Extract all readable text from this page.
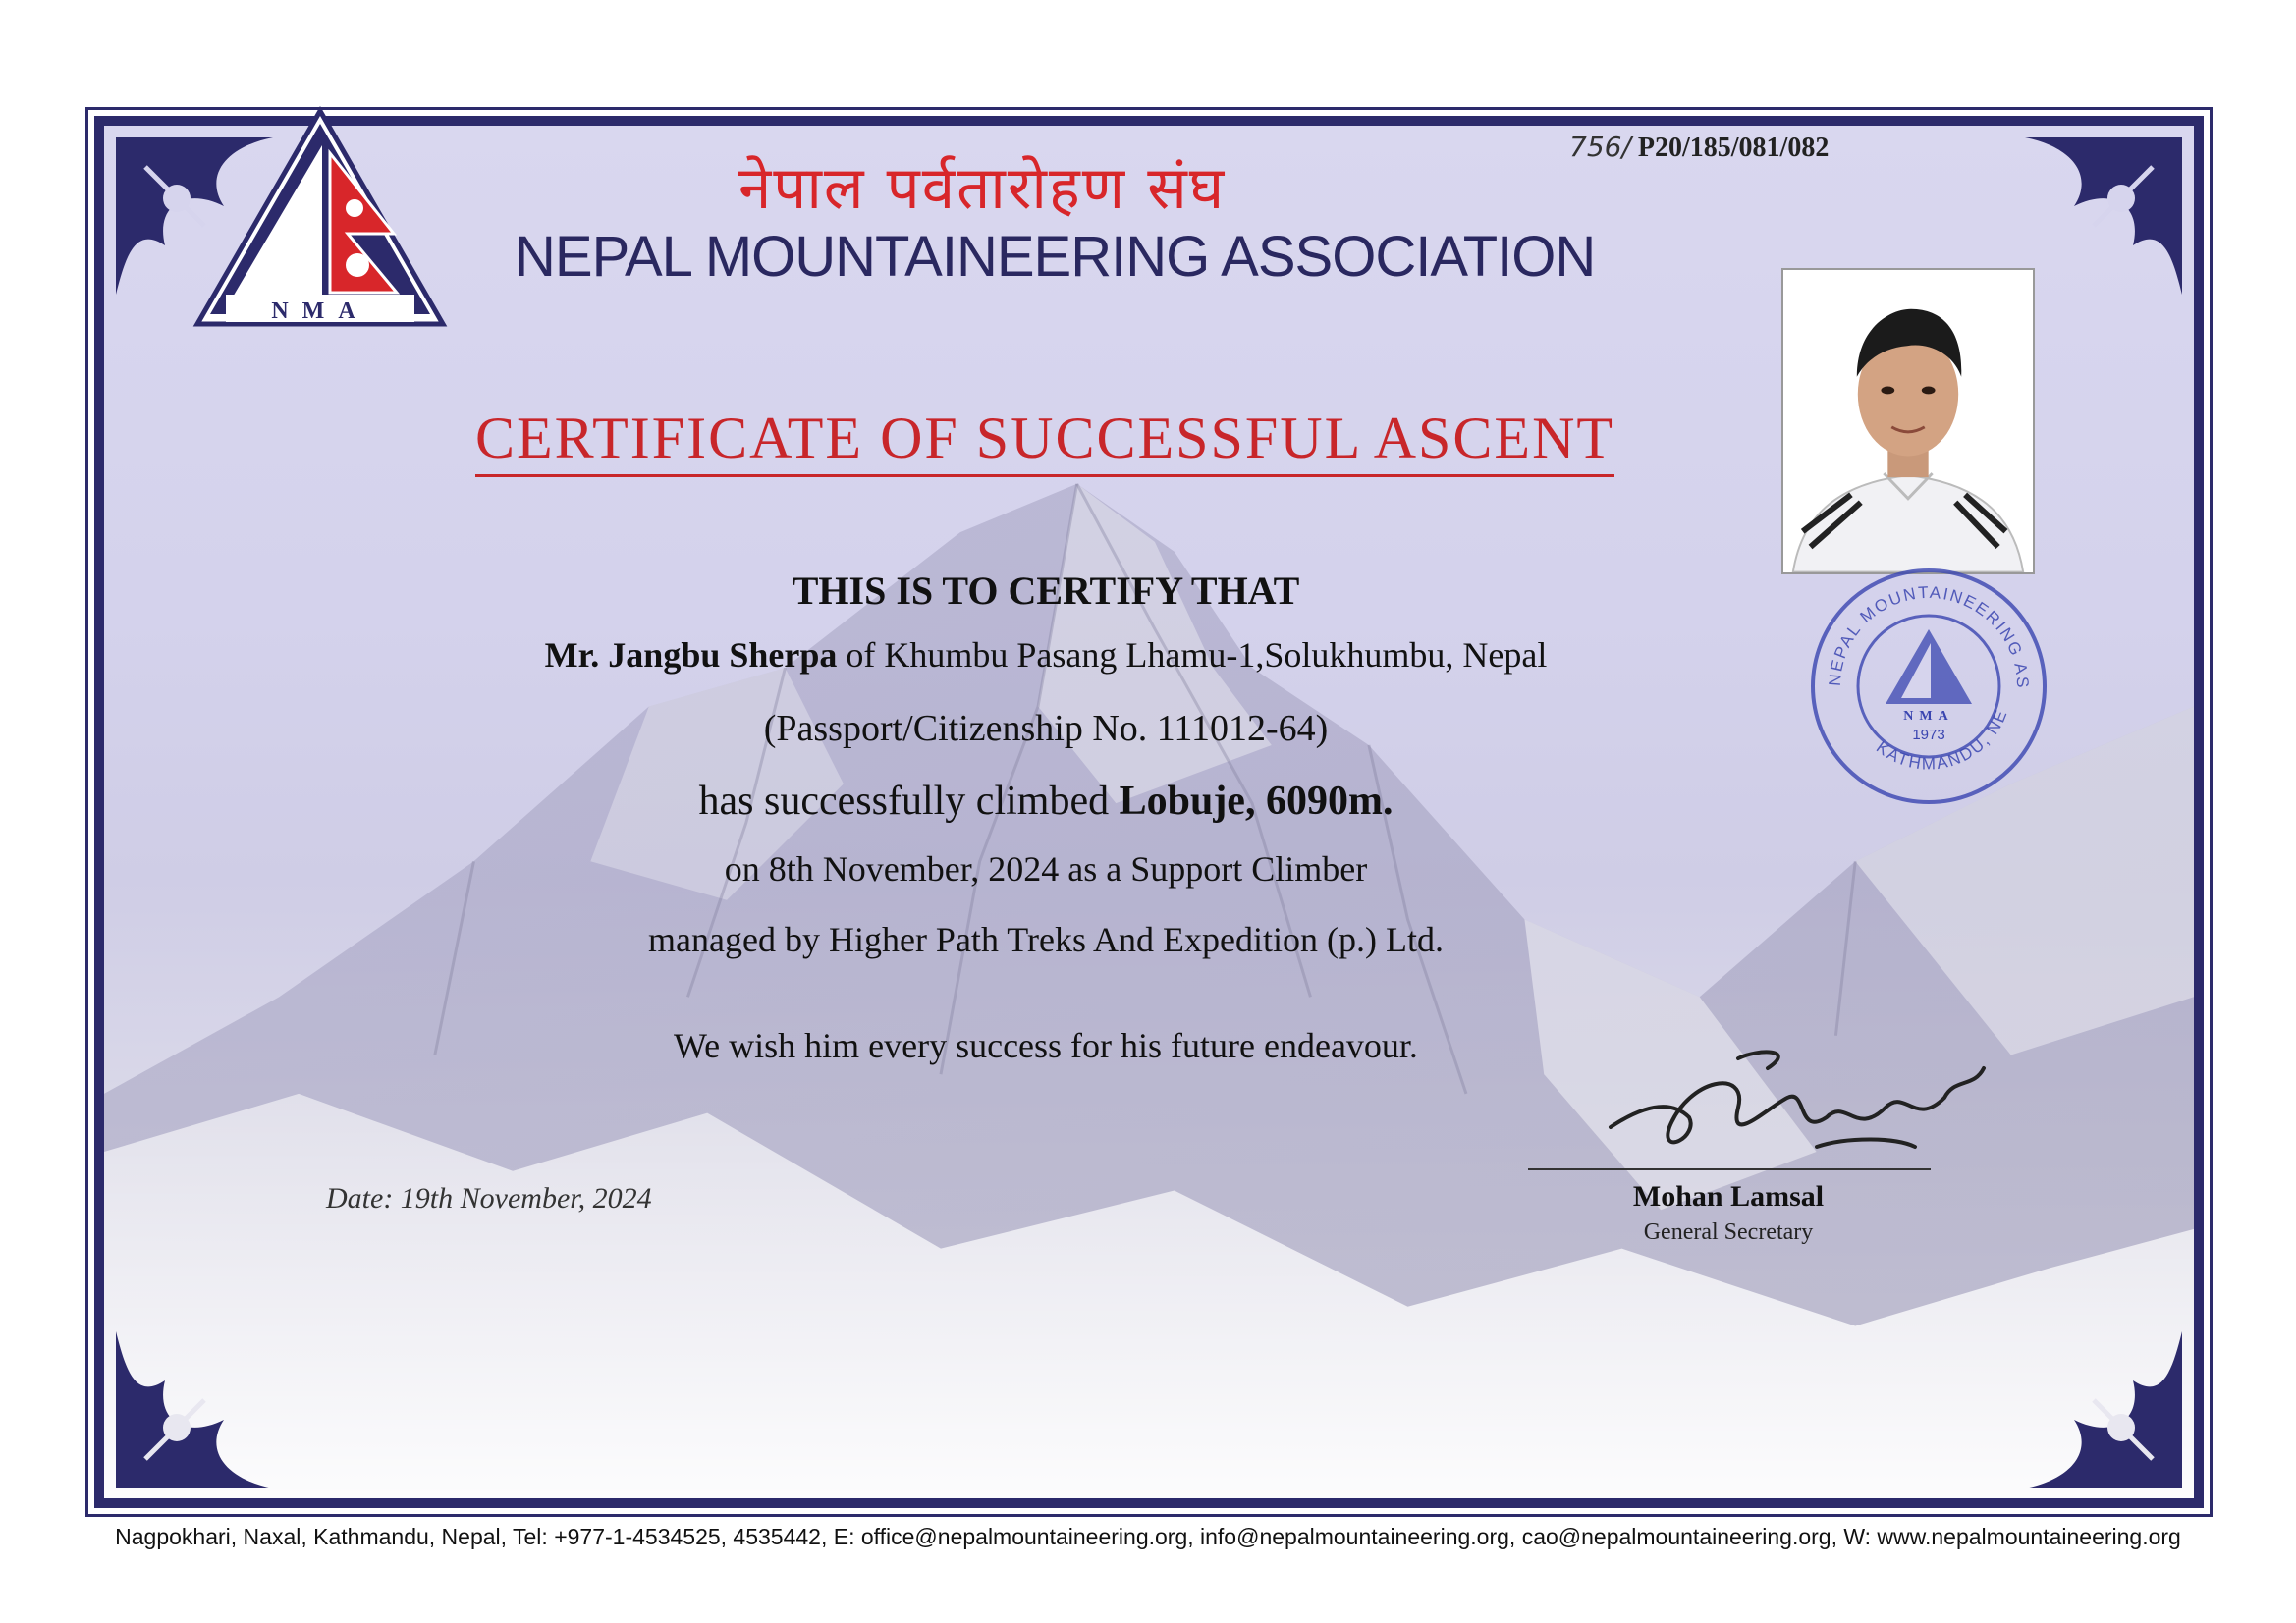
NMA
नेपाल पर्वतारोहण संघ
NEPAL MOUNTAINEERING ASSOCIATION
756/ P20/185/081/082
CERTIFICATE OF SUCCESSFUL ASCENT
NEPAL MOUNTAINEERING AS
KATHMANDU, NE
NMA
1973
THIS IS TO CERTIFY THAT
Mr. Jangbu Sherpa of Khumbu Pasang Lhamu-1,Solukhumbu, Nepal
(Passport/Citizenship No. 111012-64)
has successfully climbed Lobuje, 6090m.
on 8th November, 2024 as a Support Climber
managed by Higher Path Treks And Expedition (p.) Ltd.
We wish him every success for his future endeavour.
Date: 19th November, 2024	Mohan Lamsal
General Secretary
Nagpokhari, Naxal, Kathmandu, Nepal, Tel: +977-1-4534525, 4535442, E: office@nepalmountaineering.org, info@nepalmountaineering.org, cao@nepalmountaineering.org, W: www.nepalmountaineering.org
